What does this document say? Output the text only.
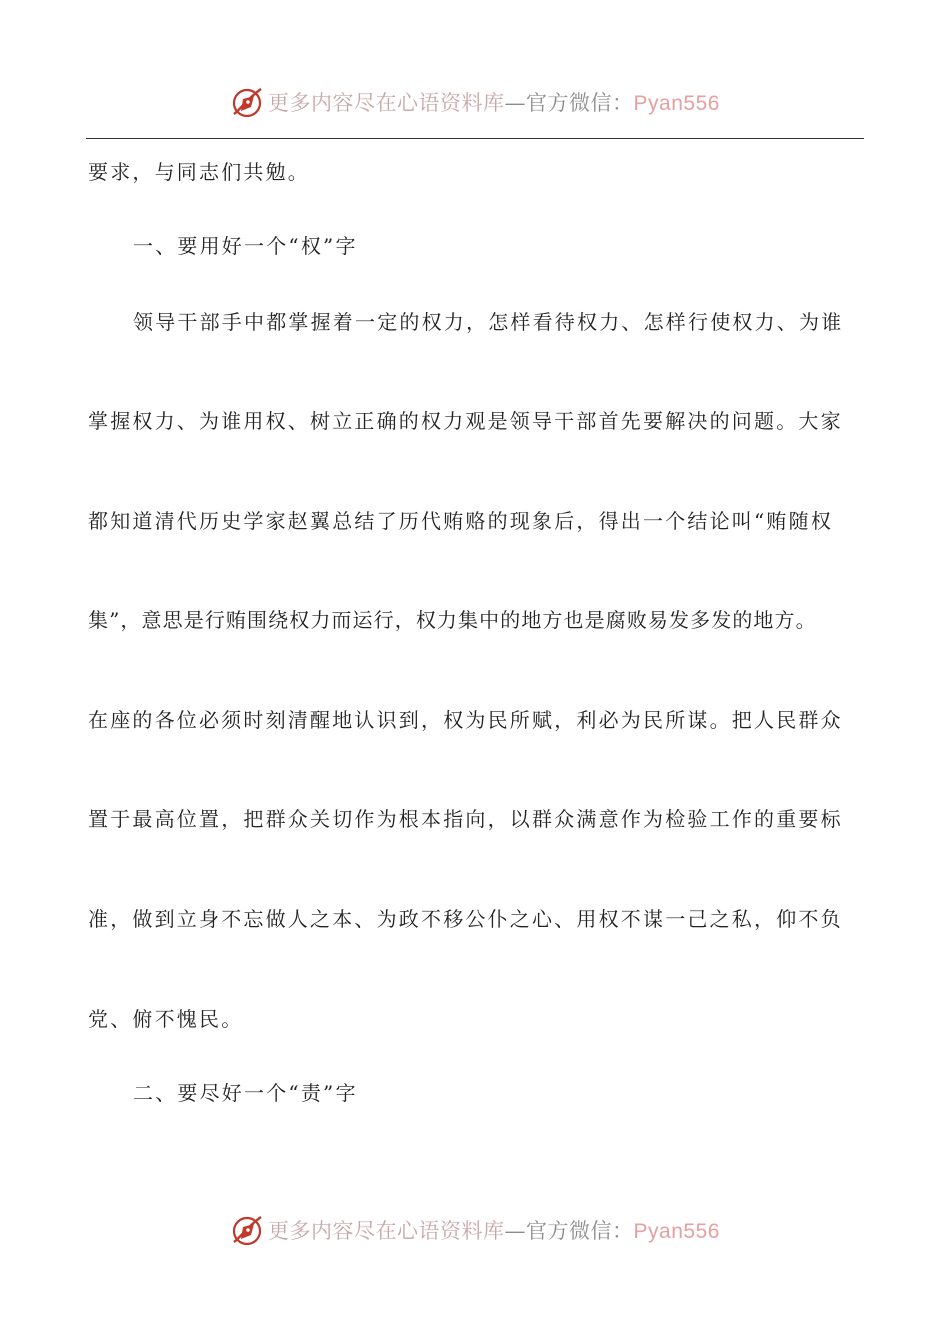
更多内容尽在心语资料库—官方微信：Pyan556

要求，与同志们共勉。

一、要用好一个“权”字

领导干部手中都掌握着一定的权力，怎样看待权力、怎样行使权力、为谁

掌握权力、为谁用权、树立正确的权力观是领导干部首先要解决的问题。大家

都知道清代历史学家赵翼总结了历代贿赂的现象后，得出一个结论叫“贿随权

集”，意思是行贿围绕权力而运行，权力集中的地方也是腐败易发多发的地方。

在座的各位必须时刻清醒地认识到，权为民所赋，利必为民所谋。把人民群众

置于最高位置，把群众关切作为根本指向，以群众满意作为检验工作的重要标

准，做到立身不忘做人之本、为政不移公仆之心、用权不谋一己之私，仰不负

党、俯不愧民。

二、要尽好一个“责”字

更多内容尽在心语资料库—官方微信：Pyan556
